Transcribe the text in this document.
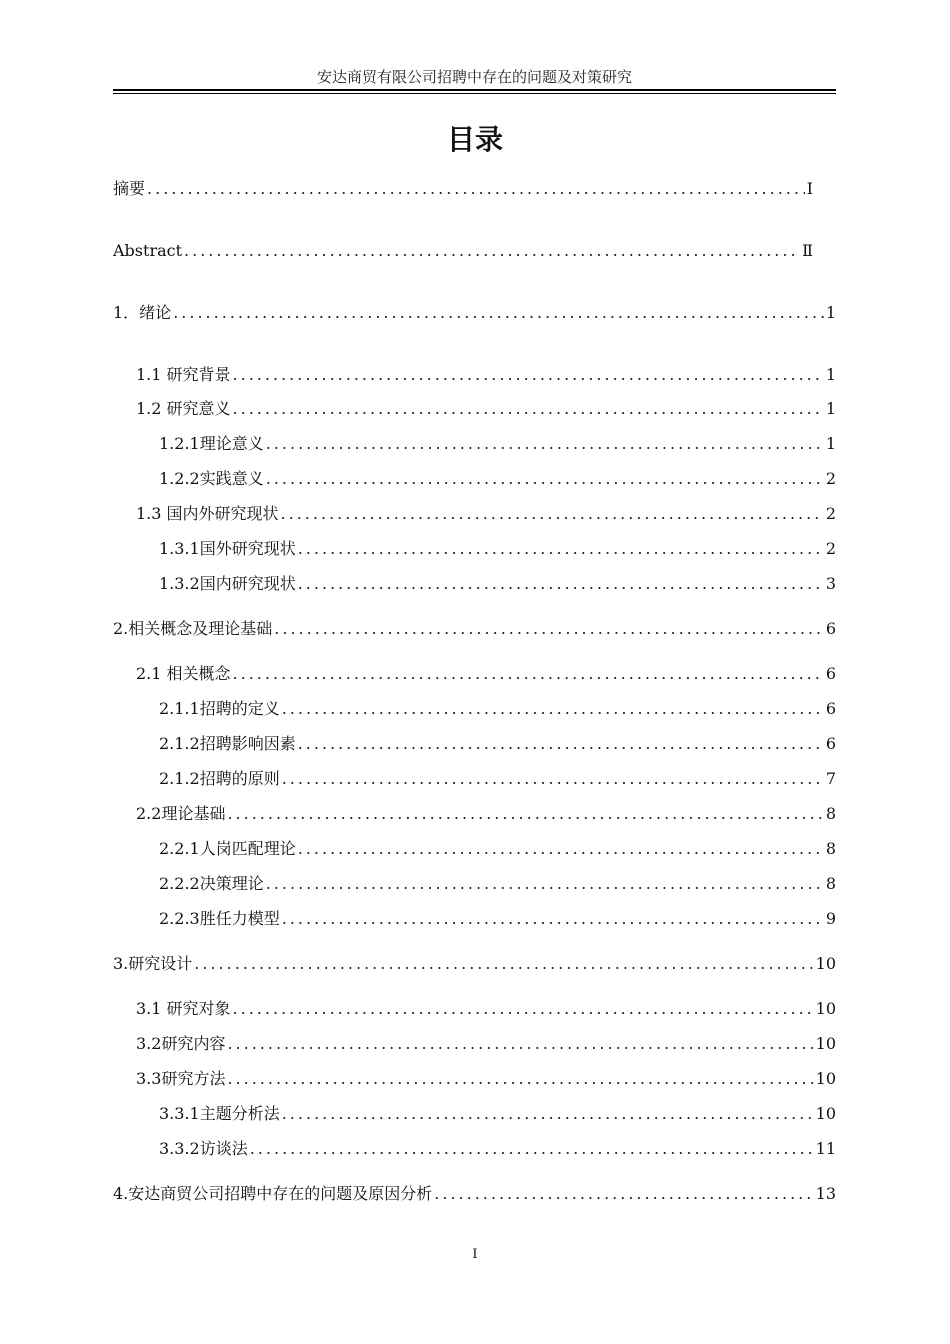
安达商贸有限公司招聘中存在的问题及对策研究
目录
摘要 .....	Ⅰ
Abstract .....	Ⅱ
1．绪论 .....	1
1.1 研究背景 .....	1
1.2 研究意义 .....	1
1.2.1理论意义 .....	1
1.2.2实践意义 .....	2
1.3 国内外研究现状 .....	2
1.3.1国外研究现状 .....	2
1.3.2国内研究现状 .....	3
2.相关概念及理论基础 .....	6
2.1 相关概念 .....	6
2.1.1招聘的定义 .....	6
2.1.2招聘影响因素 .....	6
2.1.2招聘的原则 .....	7
2.2理论基础 .....	8
2.2.1人岗匹配理论 .....	8
2.2.2决策理论 .....	8
2.2.3胜任力模型 .....	9
3.研究设计 .....	10
3.1 研究对象 .....	10
3.2研究内容 .....	10
3.3研究方法 .....	10
3.3.1主题分析法 .....	10
3.3.2访谈法 .....	11
4.安达商贸公司招聘中存在的问题及原因分析 .....	13
I
